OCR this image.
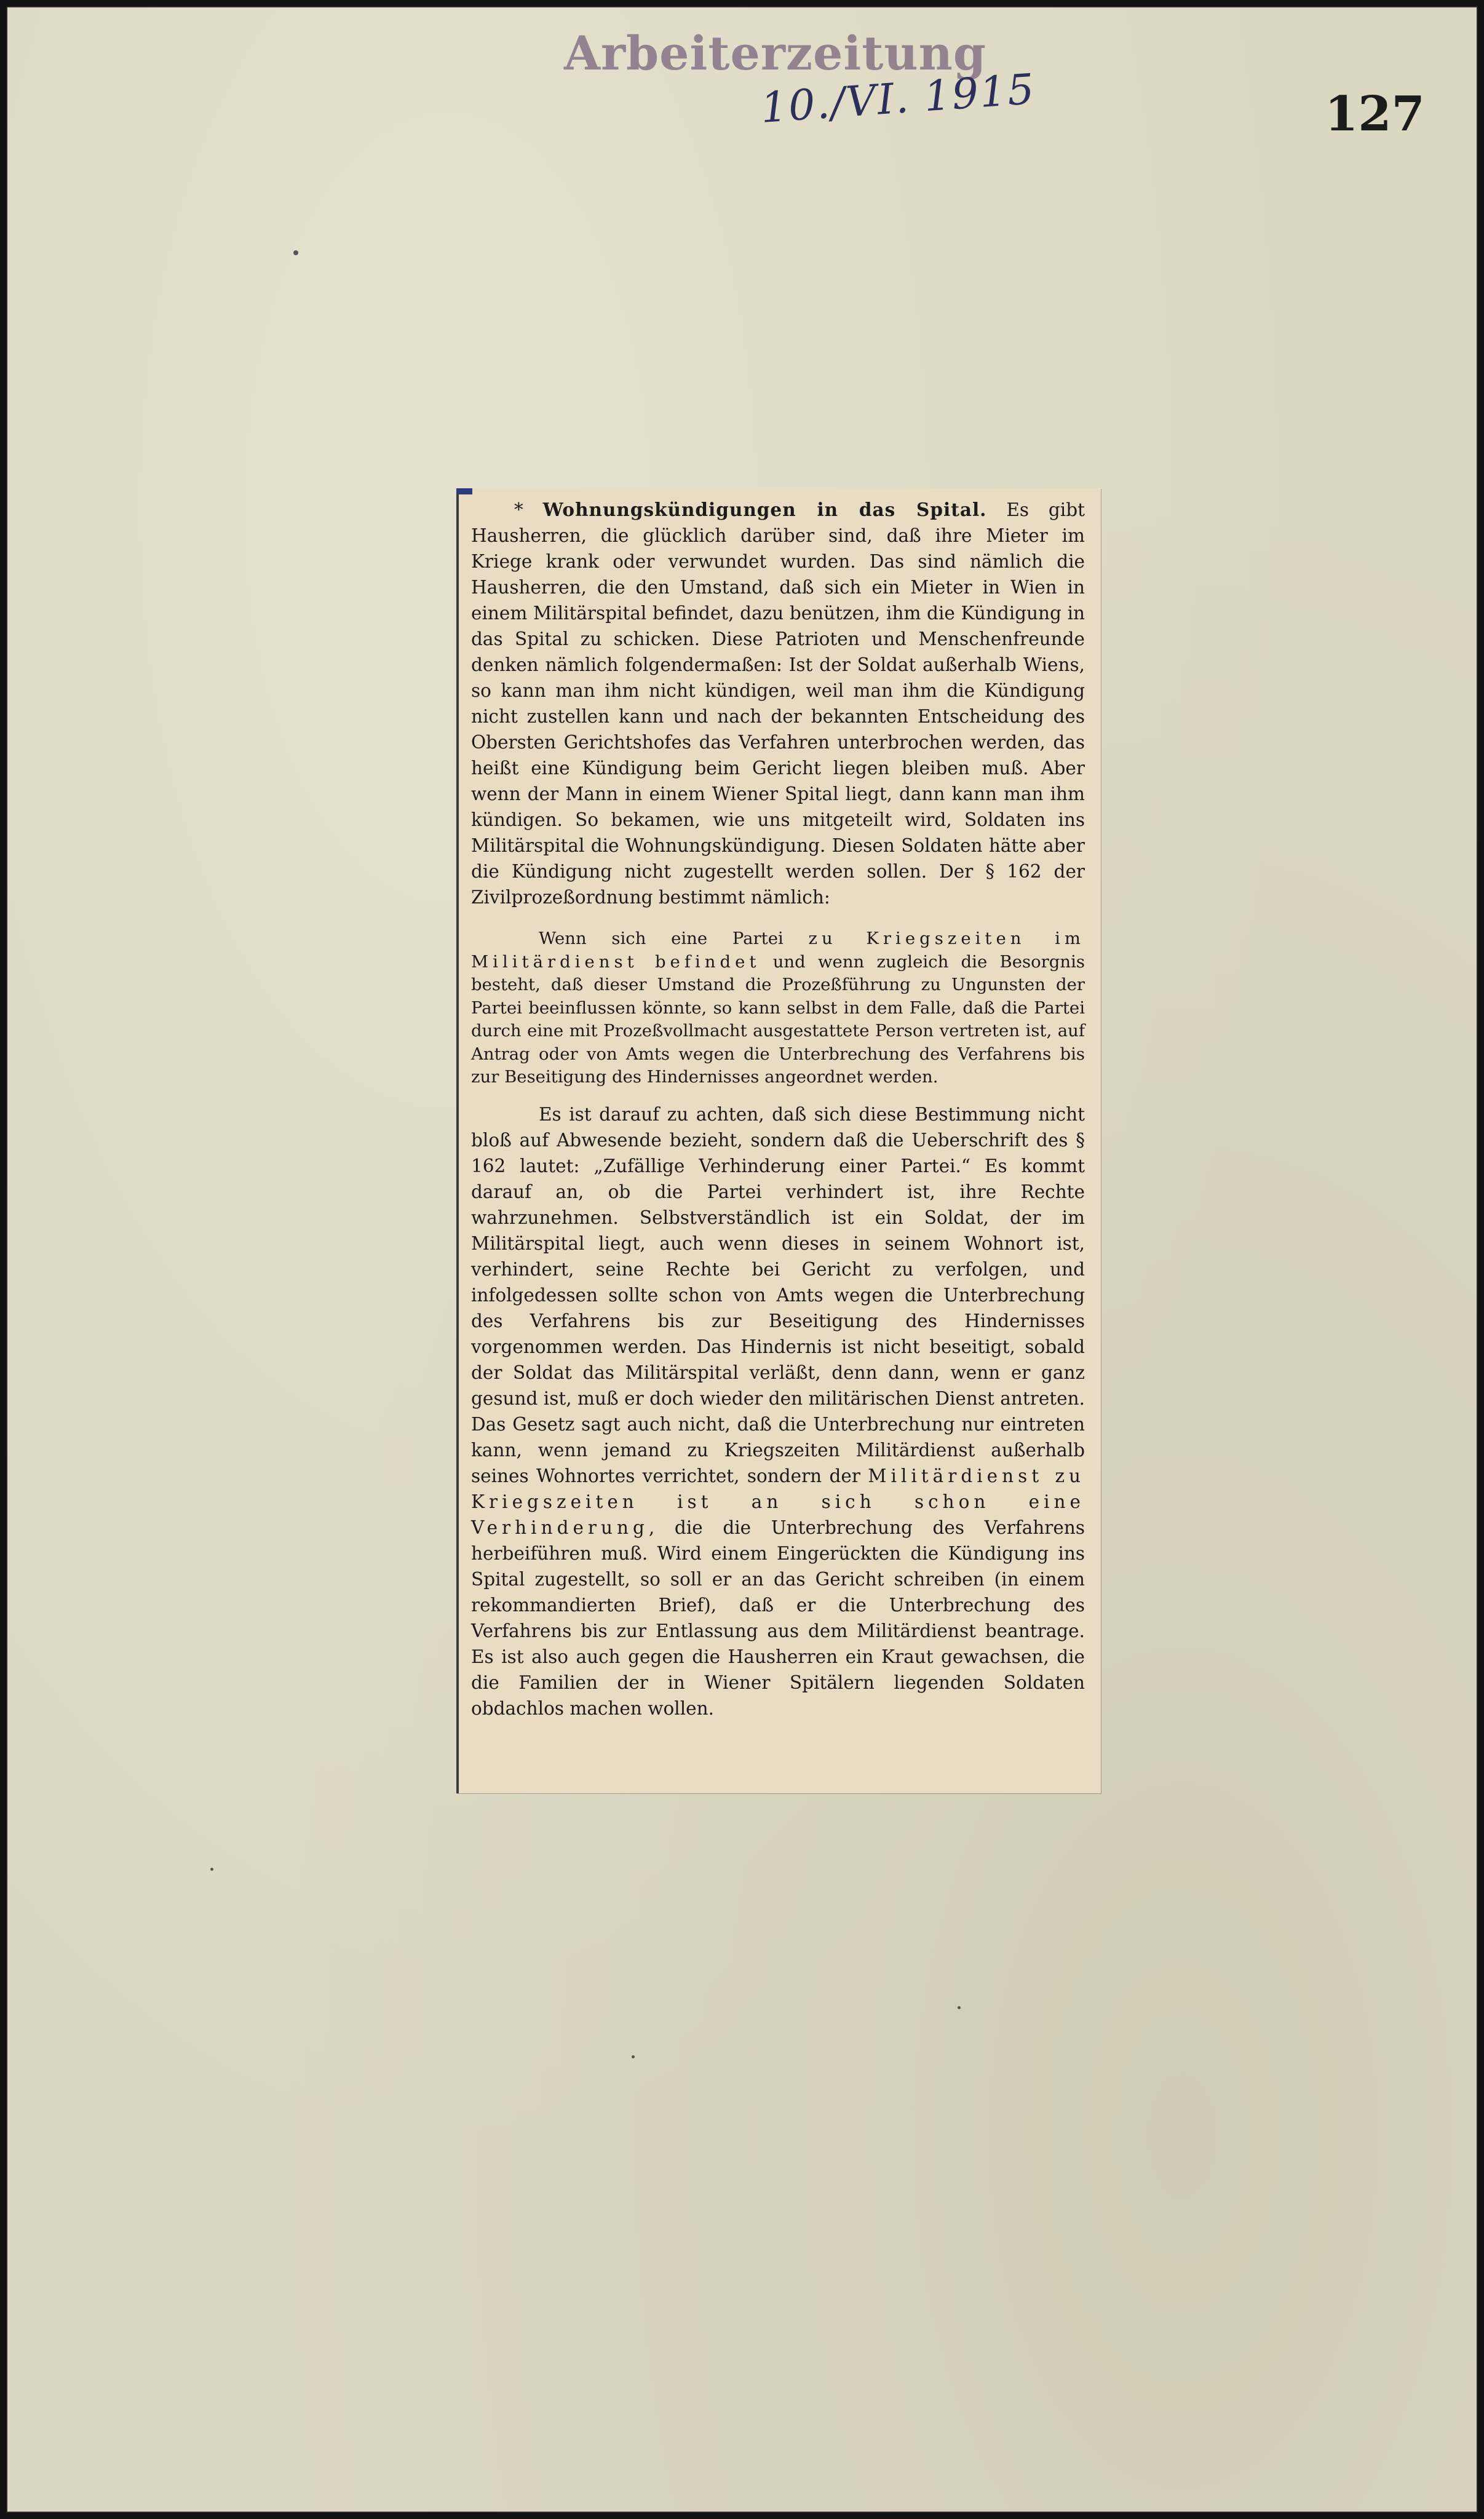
Arbeiterzeitung
10./VI. 1915	127

* Wohnungskündigungen in das Spital. Es gibt Hausherren, die glücklich darüber sind, daß ihre Mieter im Kriege krank oder verwundet wurden. Das sind nämlich die Hausherren, die den Umstand, daß sich ein Mieter in Wien in einem Militärspital befindet, dazu benützen, ihm die Kündigung in das Spital zu schicken. Diese Patrioten und Menschenfreunde denken nämlich folgendermaßen: Ist der Soldat außerhalb Wiens, so kann man ihm nicht kündigen, weil man ihm die Kündigung nicht zustellen kann und nach der bekannten Entscheidung des Obersten Gerichtshofes das Verfahren unterbrochen werden, das heißt eine Kündigung beim Gericht liegen bleiben muß. Aber wenn der Mann in einem Wiener Spital liegt, dann kann man ihm kündigen. So bekamen, wie uns mitgeteilt wird, Soldaten ins Militärspital die Wohnungskündigung. Diesen Soldaten hätte aber die Kündigung nicht zugestellt werden sollen. Der § 162 der Zivilprozeßordnung bestimmt nämlich:

Wenn sich eine Partei zu Kriegszeiten im Militärdienst befindet und wenn zugleich die Besorgnis besteht, daß dieser Umstand die Prozeßführung zu Ungunsten der Partei beeinflussen könnte, so kann selbst in dem Falle, daß die Partei durch eine mit Prozeßvollmacht ausgestattete Person vertreten ist, auf Antrag oder von Amts wegen die Unterbrechung des Verfahrens bis zur Beseitigung des Hindernisses angeordnet werden.

Es ist darauf zu achten, daß sich diese Bestimmung nicht bloß auf Abwesende bezieht, sondern daß die Ueberschrift des § 162 lautet: „Zufällige Verhinderung einer Partei.“ Es kommt darauf an, ob die Partei verhindert ist, ihre Rechte wahrzunehmen. Selbstverständlich ist ein Soldat, der im Militärspital liegt, auch wenn dieses in seinem Wohnort ist, verhindert, seine Rechte bei Gericht zu verfolgen, und infolgedessen sollte schon von Amts wegen die Unterbrechung des Verfahrens bis zur Beseitigung des Hindernisses vorgenommen werden. Das Hindernis ist nicht beseitigt, sobald der Soldat das Militärspital verläßt, denn dann, wenn er ganz gesund ist, muß er doch wieder den militärischen Dienst antreten. Das Gesetz sagt auch nicht, daß die Unterbrechung nur eintreten kann, wenn jemand zu Kriegszeiten Militärdienst außerhalb seines Wohnortes verrichtet, sondern der Militärdienst zu Kriegszeiten ist an sich schon eine Verhinderung, die die Unterbrechung des Verfahrens herbeiführen muß. Wird einem Eingerückten die Kündigung ins Spital zugestellt, so soll er an das Gericht schreiben (in einem rekommandierten Brief), daß er die Unterbrechung des Verfahrens bis zur Entlassung aus dem Militärdienst beantrage. Es ist also auch gegen die Hausherren ein Kraut gewachsen, die die Familien der in Wiener Spitälern liegenden Soldaten obdachlos machen wollen.
